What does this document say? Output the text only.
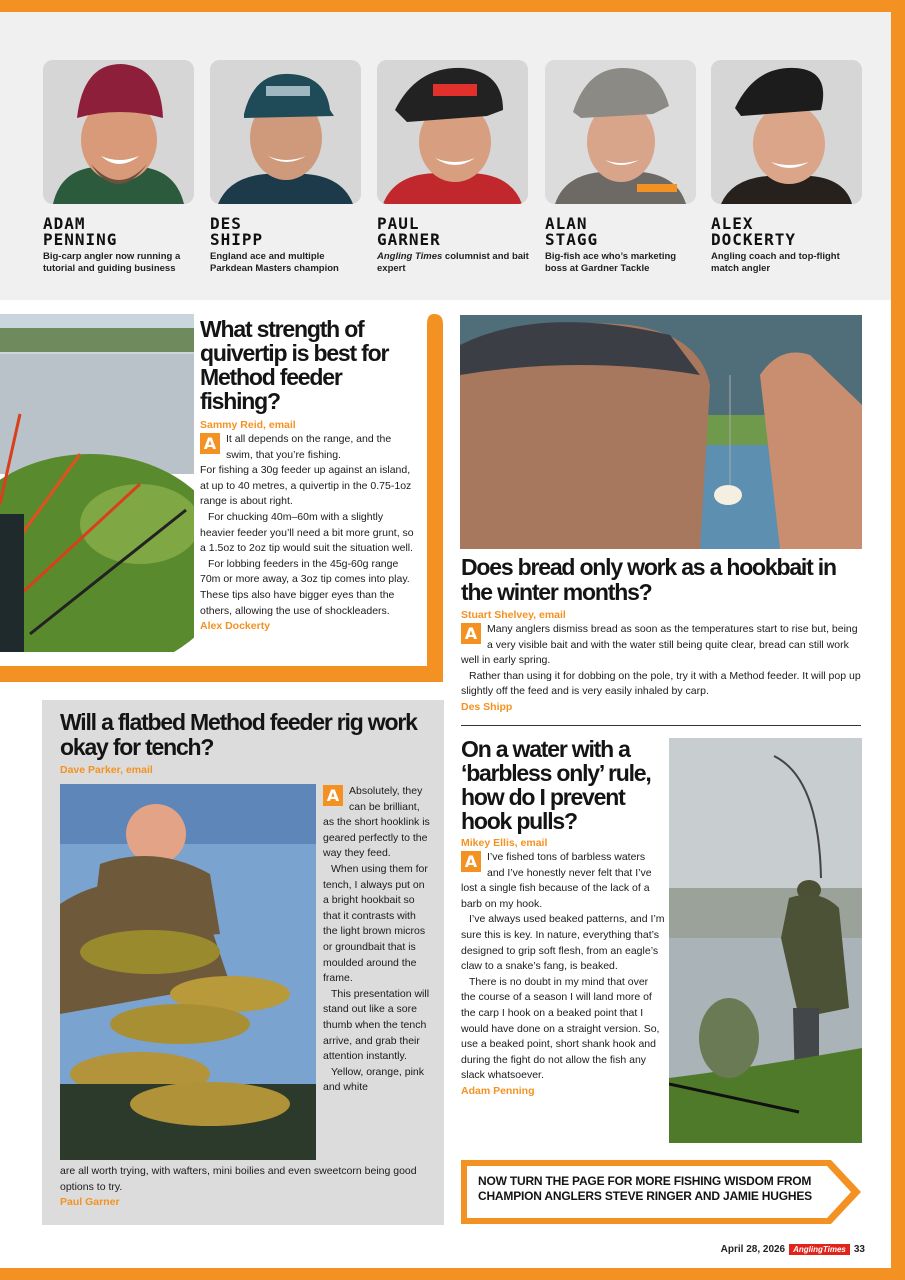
ADAM
PENNING
Big-carp angler now running a tutorial and guiding business
DES
SHIPP
England ace and multiple Parkdean Masters champion
PAUL
GARNER
Angling Times columnist and bait expert
ALAN
STAGG
Big-fish ace who’s marketing boss at Gardner Tackle
ALEX
DOCKERTY
Angling coach and top-flight match angler
What strength of quivertip is best for Method feeder fishing?
Sammy Reid, email
A It all depends on the range, and the swim, that you’re fishing.

For fishing a 30g feeder up against an island, at up to 40 metres, a quivertip in the 0.75-1oz range is about right.

For chucking 40m–60m with a slightly heavier feeder you’ll need a bit more grunt, so a 1.5oz to 2oz tip would suit the situation well.

For lobbing feeders in the 45g-60g range 70m or more away, a 3oz tip comes into play. These tips also have bigger eyes than the others, allowing the use of shockleaders.

Alex Dockerty
Does bread only work as a hookbait in the winter months?
Stuart Shelvey, email
A Many anglers dismiss bread as soon as the temperatures start to rise but, being a very visible bait and with the water still being quite clear, bread can still work well in early spring.

Rather than using it for dobbing on the pole, try it with a Method feeder. It will pop up slightly off the feed and is very easily inhaled by carp.

Des Shipp
Will a flatbed Method feeder rig work okay for tench?
Dave Parker, email
A Absolutely, they can be brilliant, as the short hooklink is geared perfectly to the way they feed.

When using them for tench, I always put on a bright hookbait so that it contrasts with the light brown micros or groundbait that is moulded around the frame.

This presentation will stand out like a sore thumb when the tench arrive, and grab their attention instantly.

Yellow, orange, pink and white

are all worth trying, with wafters, mini boilies and even sweetcorn being good options to try.
Paul Garner
On a water with a ‘barbless only’ rule, how do I prevent hook pulls?
Mikey Ellis, email
A I’ve fished tons of barbless waters and I’ve honestly never felt that I’ve lost a single fish because of the lack of a barb on my hook.

I’ve always used beaked patterns, and I’m sure this is key. In nature, everything that’s designed to grip soft flesh, from an eagle’s claw to a snake’s fang, is beaked.

There is no doubt in my mind that over the course of a season I will land more of the carp I hook on a beaked point that I would have done on a straight version. So, use a beaked point, short shank hook and during the fight do not allow the fish any slack whatsoever.

Adam Penning
NOW TURN THE PAGE FOR MORE FISHING WISDOM FROM CHAMPION ANGLERS STEVE RINGER AND JAMIE HUGHES
April 28, 2026	AnglingTimes 33
